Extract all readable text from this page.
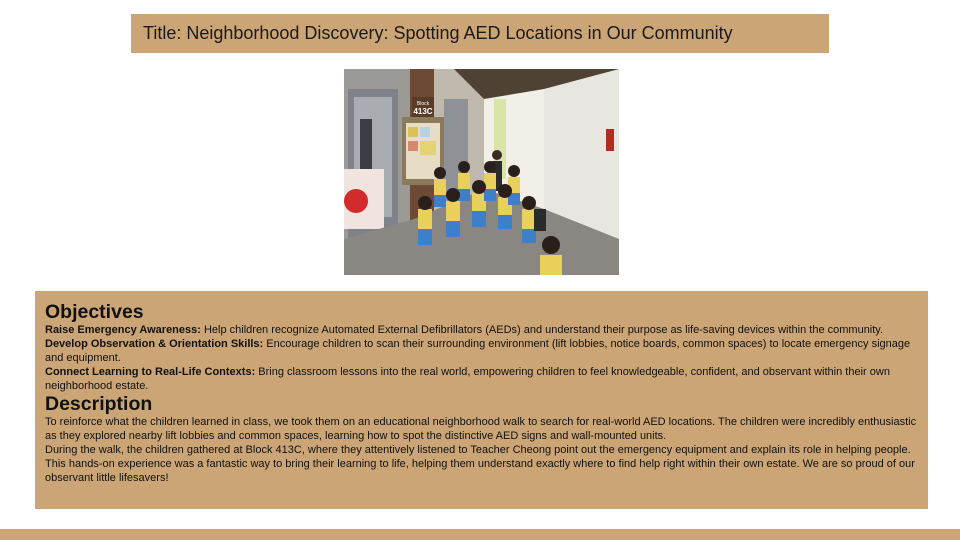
Title: Neighborhood Discovery: Spotting AED Locations in Our Community
Block
413C
Objectives

Raise Emergency Awareness: Help children recognize Automated External Defibrillators (AEDs) and understand their purpose as life-saving devices within the community.

Develop Observation & Orientation Skills: Encourage children to scan their surrounding environment (lift lobbies, notice boards, common spaces) to locate emergency signage and equipment.

Connect Learning to Real-Life Contexts: Bring classroom lessons into the real world, empowering children to feel knowledgeable, confident, and observant within their own neighborhood estate.

Description

To reinforce what the children learned in class, we took them on an educational neighborhood walk to search for real-world AED locations. The children were incredibly enthusiastic as they explored nearby lift lobbies and common spaces, learning how to spot the distinctive AED signs and wall-mounted units.

During the walk, the children gathered at Block 413C, where they attentively listened to Teacher Cheong point out the emergency equipment and explain its role in helping people. This hands-on experience was a fantastic way to bring their learning to life, helping them understand exactly where to find help right within their own estate. We are so proud of our observant little lifesavers!
